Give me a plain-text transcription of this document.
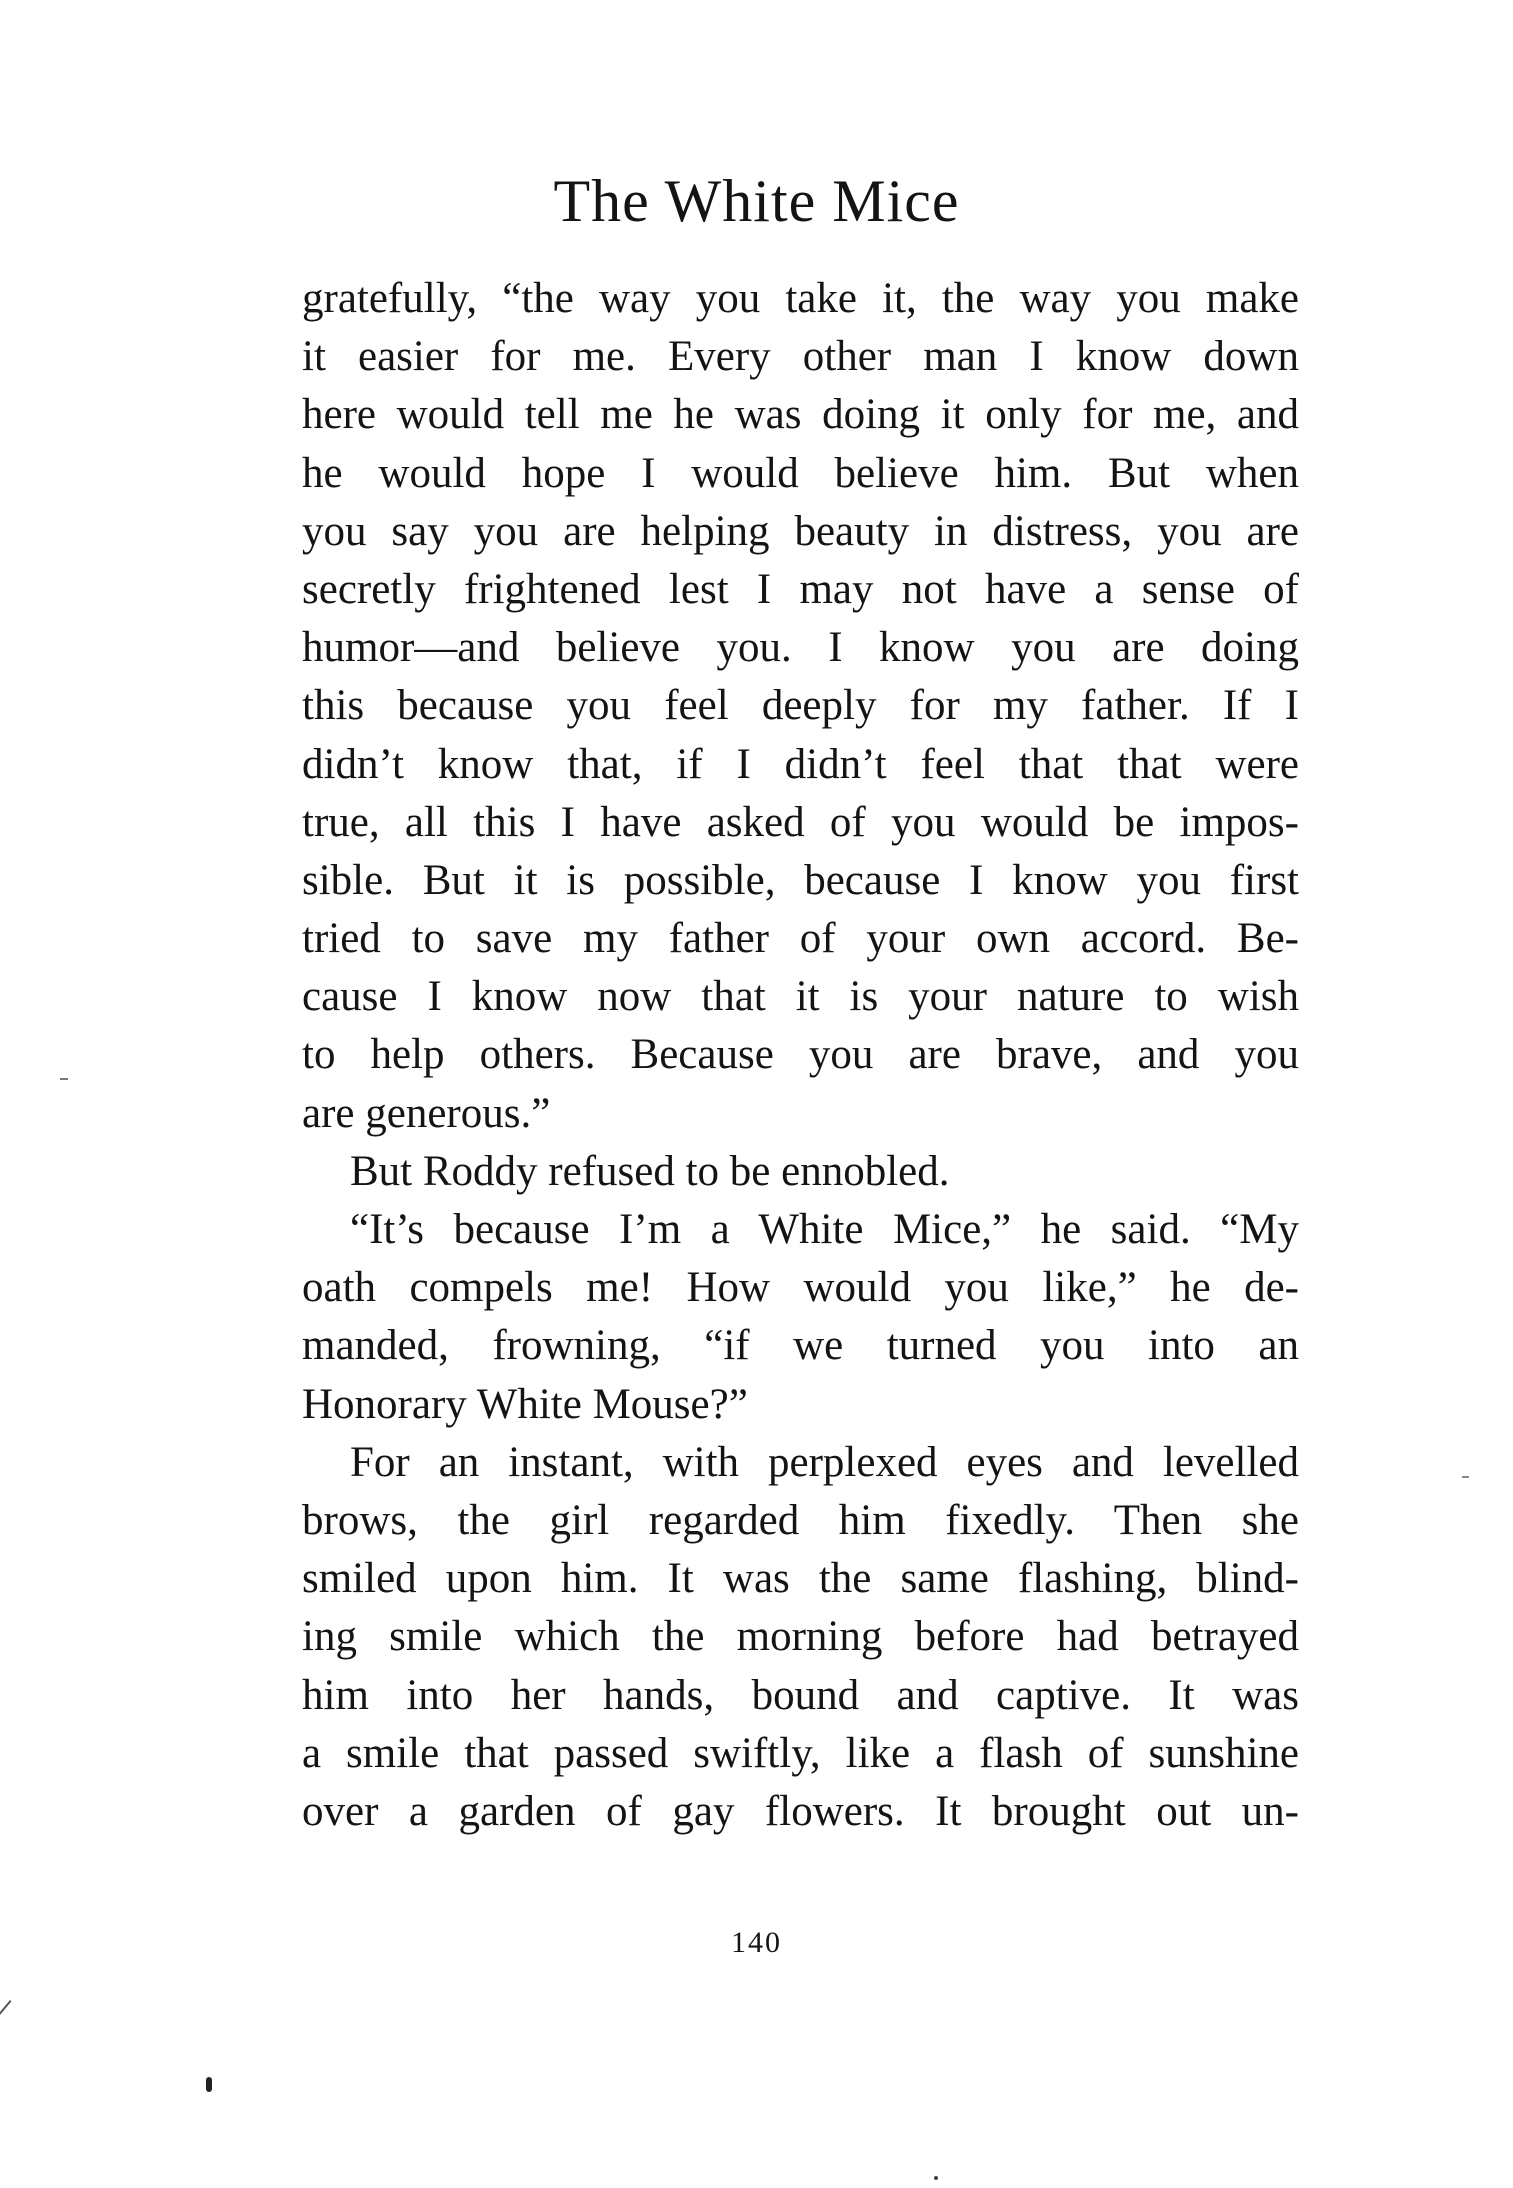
The White Mice
gratefully, “the way you take it, the way you make
it easier for me. Every other man I know down
here would tell me he was doing it only for me, and
he would hope I would believe him. But when
you say you are helping beauty in distress, you are
secretly frightened lest I may not have a sense of
humor—and believe you. I know you are doing
this because you feel deeply for my father. If I
didn’t know that, if I didn’t feel that that were
true, all this I have asked of you would be impos-
sible. But it is possible, because I know you first
tried to save my father of your own accord. Be-
cause I know now that it is your nature to wish
to help others. Because you are brave, and you
are generous.”
But Roddy refused to be ennobled.
“It’s because I’m a White Mice,” he said. “My
oath compels me! How would you like,” he de-
manded, frowning, “if we turned you into an
Honorary White Mouse?”
For an instant, with perplexed eyes and levelled
brows, the girl regarded him fixedly. Then she
smiled upon him. It was the same flashing, blind-
ing smile which the morning before had betrayed
him into her hands, bound and captive. It was
a smile that passed swiftly, like a flash of sunshine
over a garden of gay flowers. It brought out un-
140
